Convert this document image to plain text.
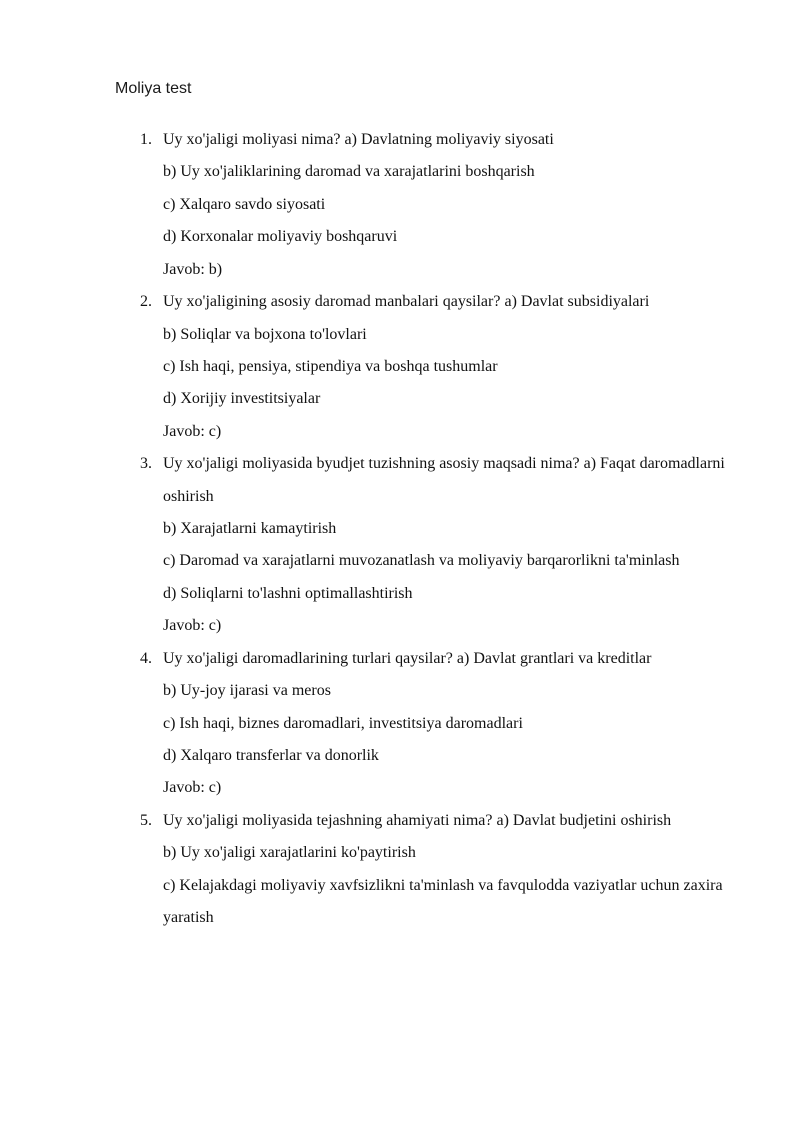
Moliya test
1. Uy xo'jaligi moliyasi nima? a) Davlatning moliyaviy siyosati

b) Uy xo'jaliklarining daromad va xarajatlarini boshqarish

c) Xalqaro savdo siyosati

d) Korxonalar moliyaviy boshqaruvi

Javob: b)

2. Uy xo'jaligining asosiy daromad manbalari qaysilar? a) Davlat subsidiyalari

b) Soliqlar va bojxona to'lovlari

c) Ish haqi, pensiya, stipendiya va boshqa tushumlar

d) Xorijiy investitsiyalar

Javob: c)

3. Uy xo'jaligi moliyasida byudjet tuzishning asosiy maqsadi nima? a) Faqat daromadlarni oshirish

b) Xarajatlarni kamaytirish

c) Daromad va xarajatlarni muvozanatlash va moliyaviy barqarorlikni ta'minlash

d) Soliqlarni to'lashni optimallashtirish

Javob: c)

4. Uy xo'jaligi daromadlarining turlari qaysilar? a) Davlat grantlari va kreditlar

b) Uy-joy ijarasi va meros

c) Ish haqi, biznes daromadlari, investitsiya daromadlari

d) Xalqaro transferlar va donorlik

Javob: c)

5. Uy xo'jaligi moliyasida tejashning ahamiyati nima? a) Davlat budjetini oshirish

b) Uy xo'jaligi xarajatlarini ko'paytirish

c) Kelajakdagi moliyaviy xavfsizlikni ta'minlash va favqulodda vaziyatlar uchun zaxira yaratish
